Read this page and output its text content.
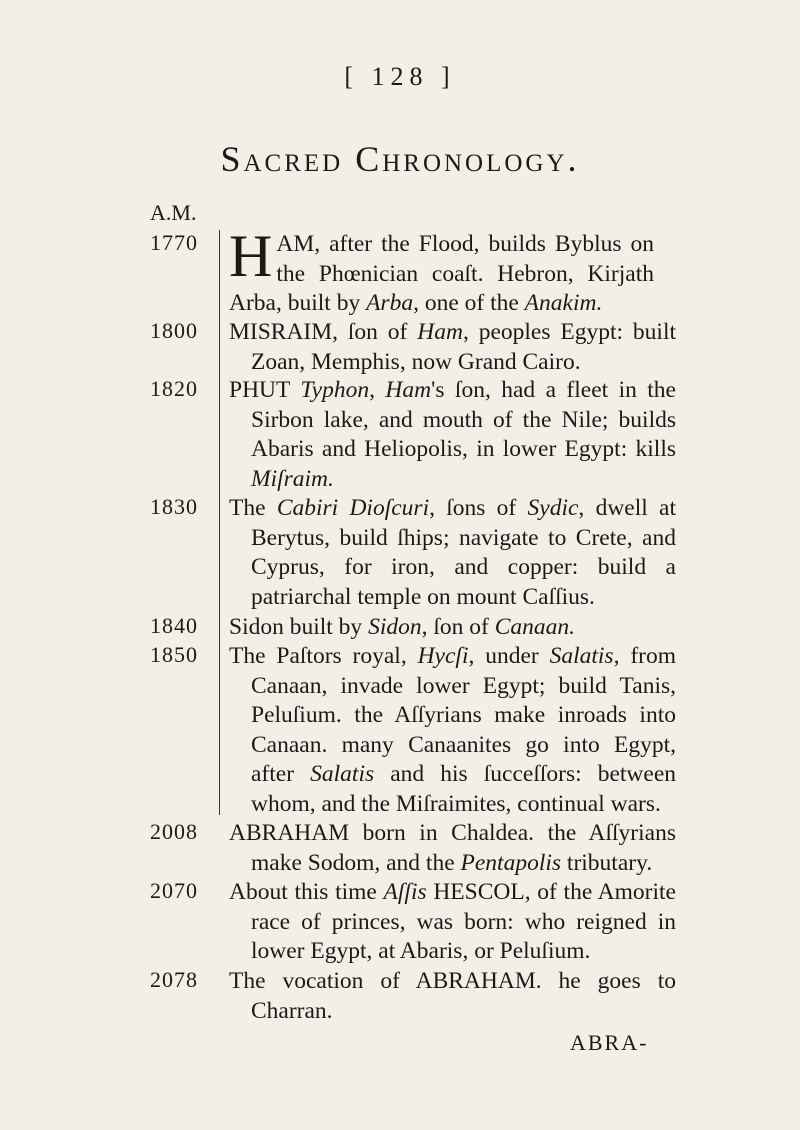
[ 128 ]
Sacred Chronology.
A.M.
1770 HAM, after the Flood, builds Byblus on the Phœnician coaſt. Hebron, Kirjath Arba, built by Arba, one of the Anakim.
1800	MISRAIM, ſon of Ham, peoples Egypt: built Zoan, Memphis, now Grand Cairo.
1820	PHUT Typhon, Ham's ſon, had a fleet in the Sirbon lake, and mouth of the Nile; builds Abaris and Heliopolis, in lower Egypt: kills Miſraim.
1830	The Cabiri Dioſcuri, ſons of Sydic, dwell at Berytus, build ſhips; navigate to Crete, and Cyprus, for iron, and copper: build a patriarchal temple on mount Caſſius.
1840	Sidon built by Sidon, ſon of Canaan.
1850	The Paſtors royal, Hycſi, under Salatis, from Canaan, invade lower Egypt; build Tanis, Peluſium. the Aſſyrians make inroads into Canaan. many Canaanites go into Egypt, after Salatis and his ſucceſſors: between whom, and the Miſraimites, continual wars.
2008	ABRAHAM born in Chaldea. the Aſſyrians make Sodom, and the Pentapolis tributary.
2070	About this time Aſſis HESCOL, of the Amorite race of princes, was born: who reigned in lower Egypt, at Abaris, or Peluſium.
2078	The vocation of ABRAHAM. he goes to Charran.
ABRA-
